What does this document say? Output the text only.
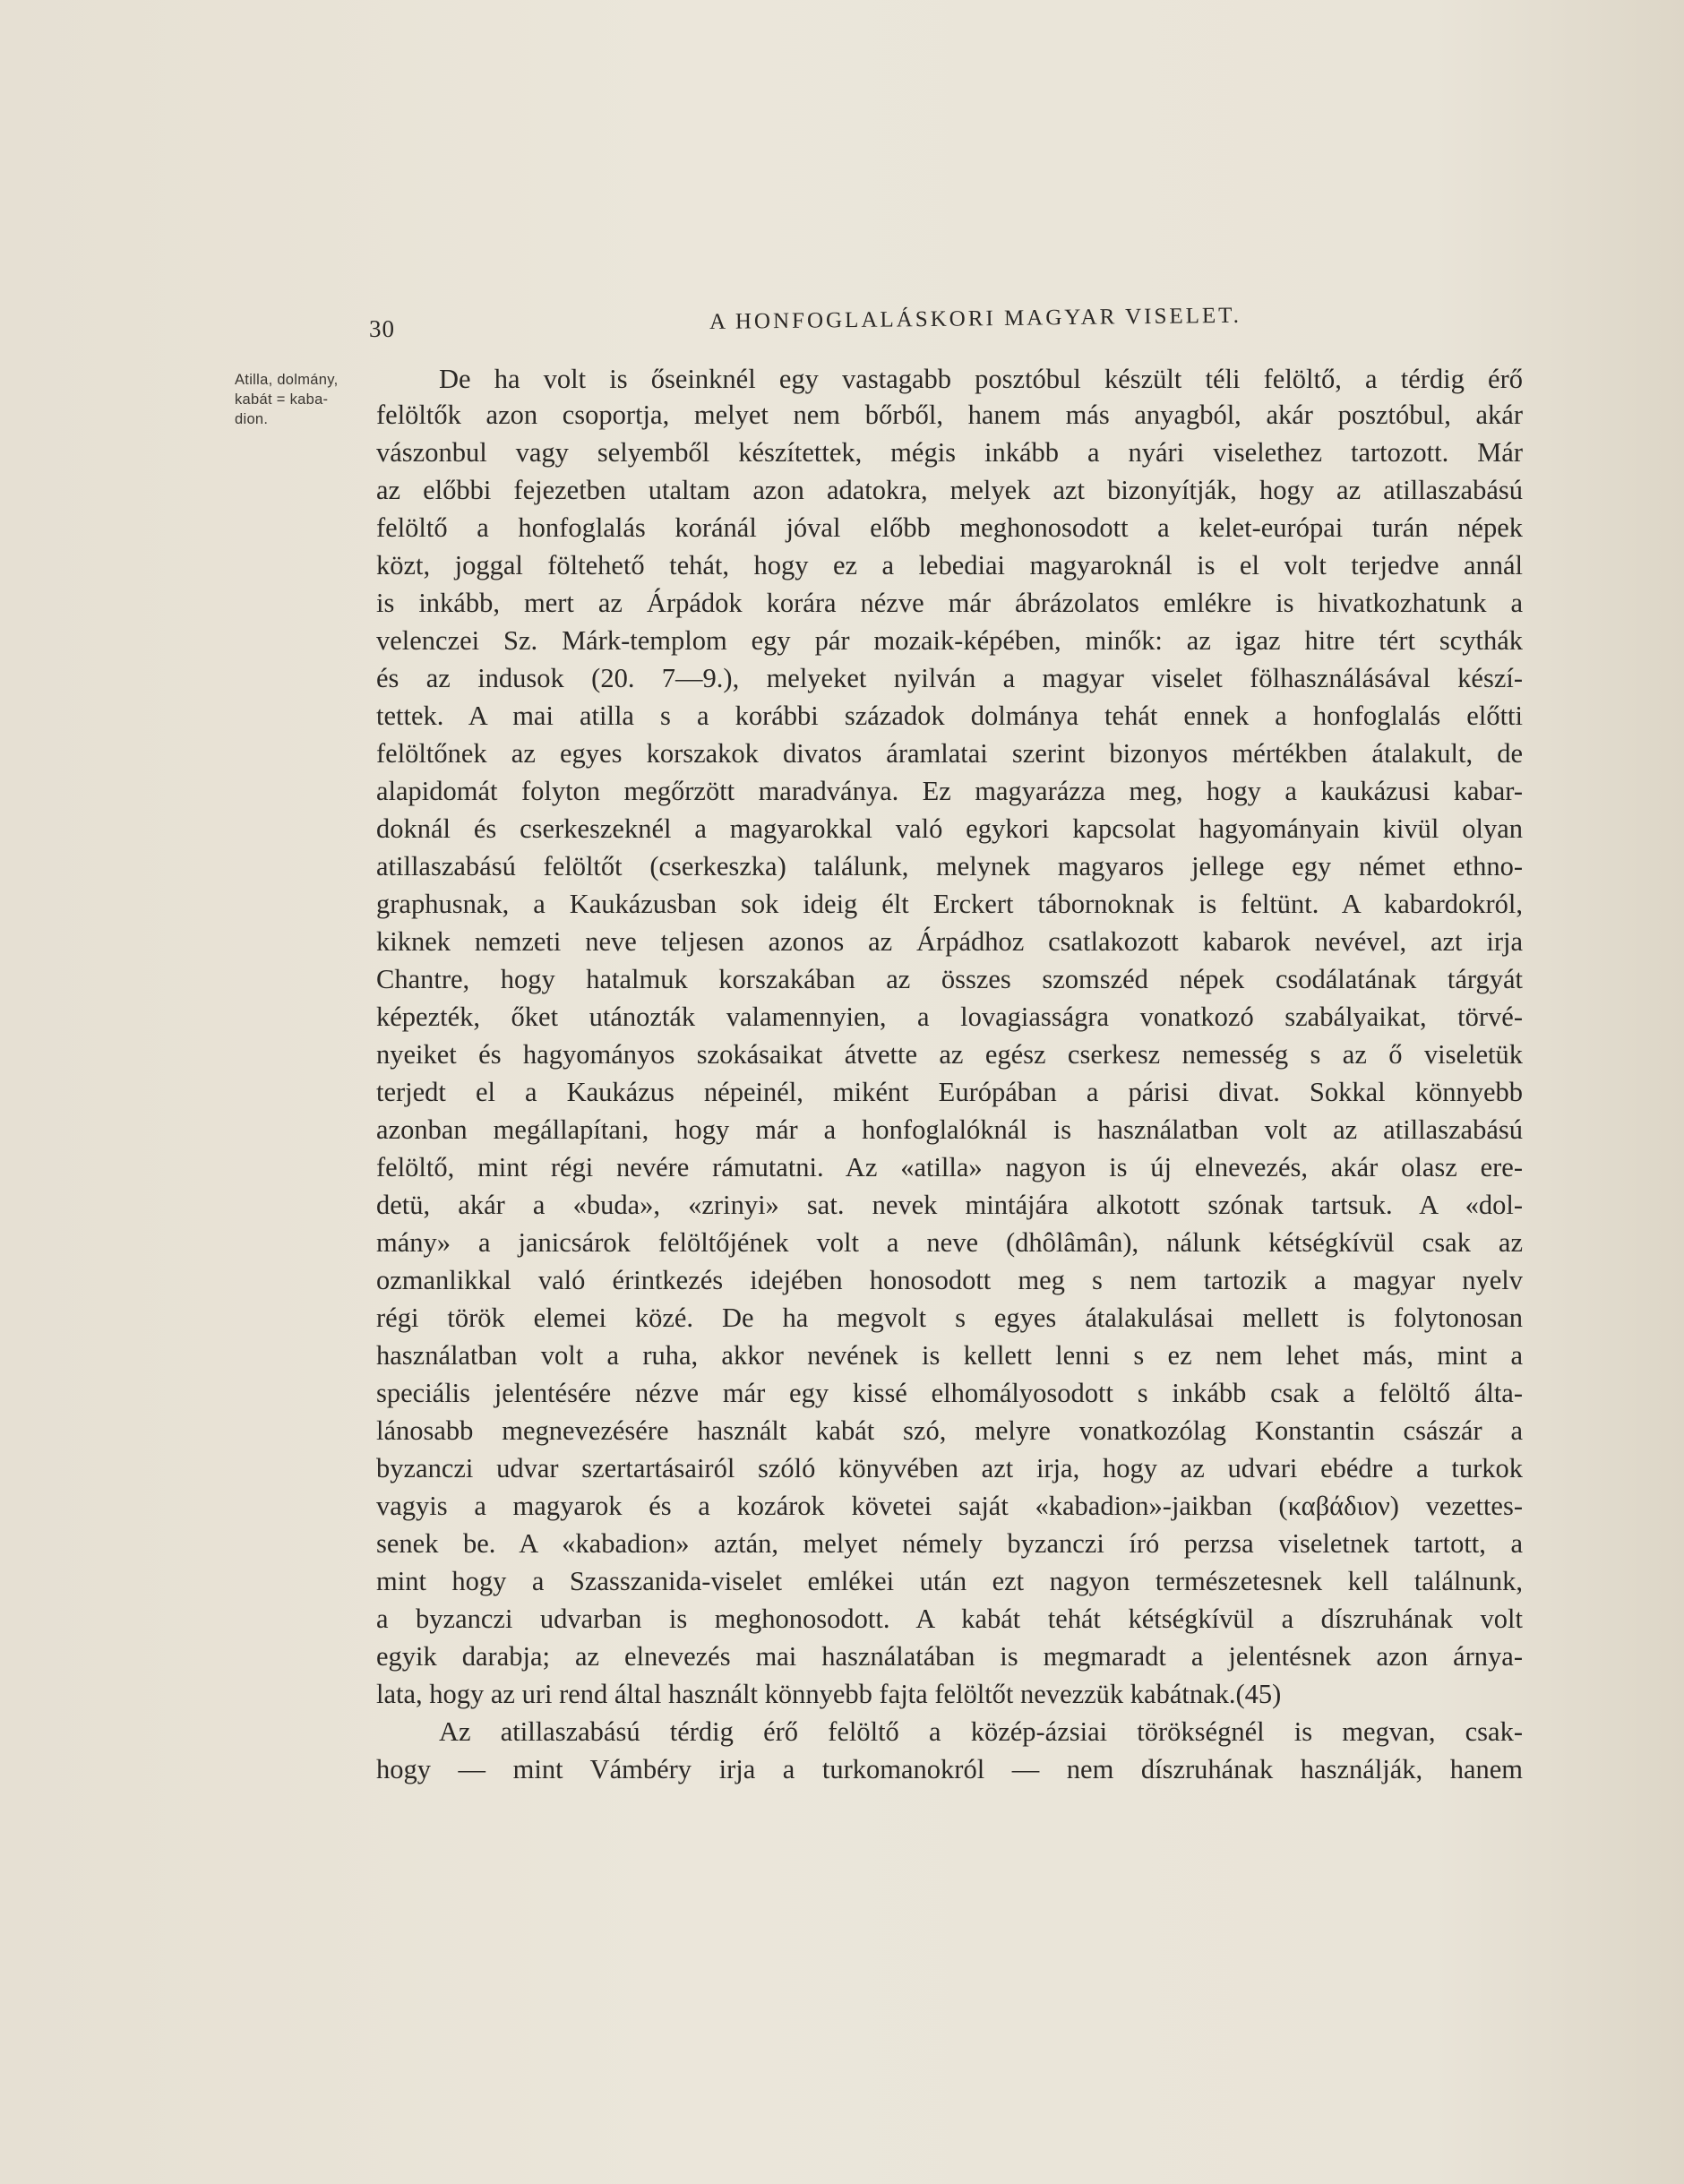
30	A HONFOGLALÁSKORI MAGYAR VISELET.
Atilla, dolmány,
kabát = kaba-
dion.
De ha volt is őseinknél egy vastagabb posztóbul készült téli felöltő, a térdig érő
felöltők azon csoportja, melyet nem bőrből, hanem más anyagból, akár posztóbul, akár
vászonbul vagy selyemből készítettek, mégis inkább a nyári viselethez tartozott. Már
az előbbi fejezetben utaltam azon adatokra, melyek azt bizonyítják, hogy az atillaszabású
felöltő a honfoglalás koránál jóval előbb meghonosodott a kelet-európai turán népek
közt, joggal föltehető tehát, hogy ez a lebediai magyaroknál is el volt terjedve annál
is inkább, mert az Árpádok korára nézve már ábrázolatos emlékre is hivatkozhatunk a
velenczei Sz. Márk-templom egy pár mozaik-képében, minők: az igaz hitre tért scythák
és az indusok (20. 7—9.), melyeket nyilván a magyar viselet fölhasználásával készí-
tettek. A mai atilla s a korábbi századok dolmánya tehát ennek a honfoglalás előtti
felöltőnek az egyes korszakok divatos áramlatai szerint bizonyos mértékben átalakult, de
alapidomát folyton megőrzött maradványa. Ez magyarázza meg, hogy a kaukázusi kabar-
doknál és cserkeszeknél a magyarokkal való egykori kapcsolat hagyományain kivül olyan
atillaszabású felöltőt (cserkeszka) találunk, melynek magyaros jellege egy német ethno-
graphusnak, a Kaukázusban sok ideig élt Erckert tábornoknak is feltünt. A kabardokról,
kiknek nemzeti neve teljesen azonos az Árpádhoz csatlakozott kabarok nevével, azt irja
Chantre, hogy hatalmuk korszakában az összes szomszéd népek csodálatának tárgyát
képezték, őket utánozták valamennyien, a lovagiasságra vonatkozó szabályaikat, törvé-
nyeiket és hagyományos szokásaikat átvette az egész cserkesz nemesség s az ő viseletük
terjedt el a Kaukázus népeinél, miként Európában a párisi divat. Sokkal könnyebb
azonban megállapítani, hogy már a honfoglalóknál is használatban volt az atillaszabású
felöltő, mint régi nevére rámutatni. Az «atilla» nagyon is új elnevezés, akár olasz ere-
detü, akár a «buda», «zrinyi» sat. nevek mintájára alkotott szónak tartsuk. A «dol-
mány» a janicsárok felöltőjének volt a neve (dhôlâmân), nálunk kétségkívül csak az
ozmanlikkal való érintkezés idejében honosodott meg s nem tartozik a magyar nyelv
régi török elemei közé. De ha megvolt s egyes átalakulásai mellett is folytonosan
használatban volt a ruha, akkor nevének is kellett lenni s ez nem lehet más, mint a
speciális jelentésére nézve már egy kissé elhomályosodott s inkább csak a felöltő álta-
lánosabb megnevezésére használt kabát szó, melyre vonatkozólag Konstantin császár a
byzanczi udvar szertartásairól szóló könyvében azt irja, hogy az udvari ebédre a turkok
vagyis a magyarok és a kozárok követei saját «kabadion»-jaikban (καβάδιον) vezettes-
senek be. A «kabadion» aztán, melyet némely byzanczi író perzsa viseletnek tartott, a
mint hogy a Szasszanida-viselet emlékei után ezt nagyon természetesnek kell találnunk,
a byzanczi udvarban is meghonosodott. A kabát tehát kétségkívül a díszruhának volt
egyik darabja; az elnevezés mai használatában is megmaradt a jelentésnek azon árnya-
lata, hogy az uri rend által használt könnyebb fajta felöltőt nevezzük kabátnak.(45)
Az atillaszabású térdig érő felöltő a közép-ázsiai törökségnél is megvan, csak-
hogy — mint Vámbéry irja a turkomanokról — nem díszruhának használják, hanem
